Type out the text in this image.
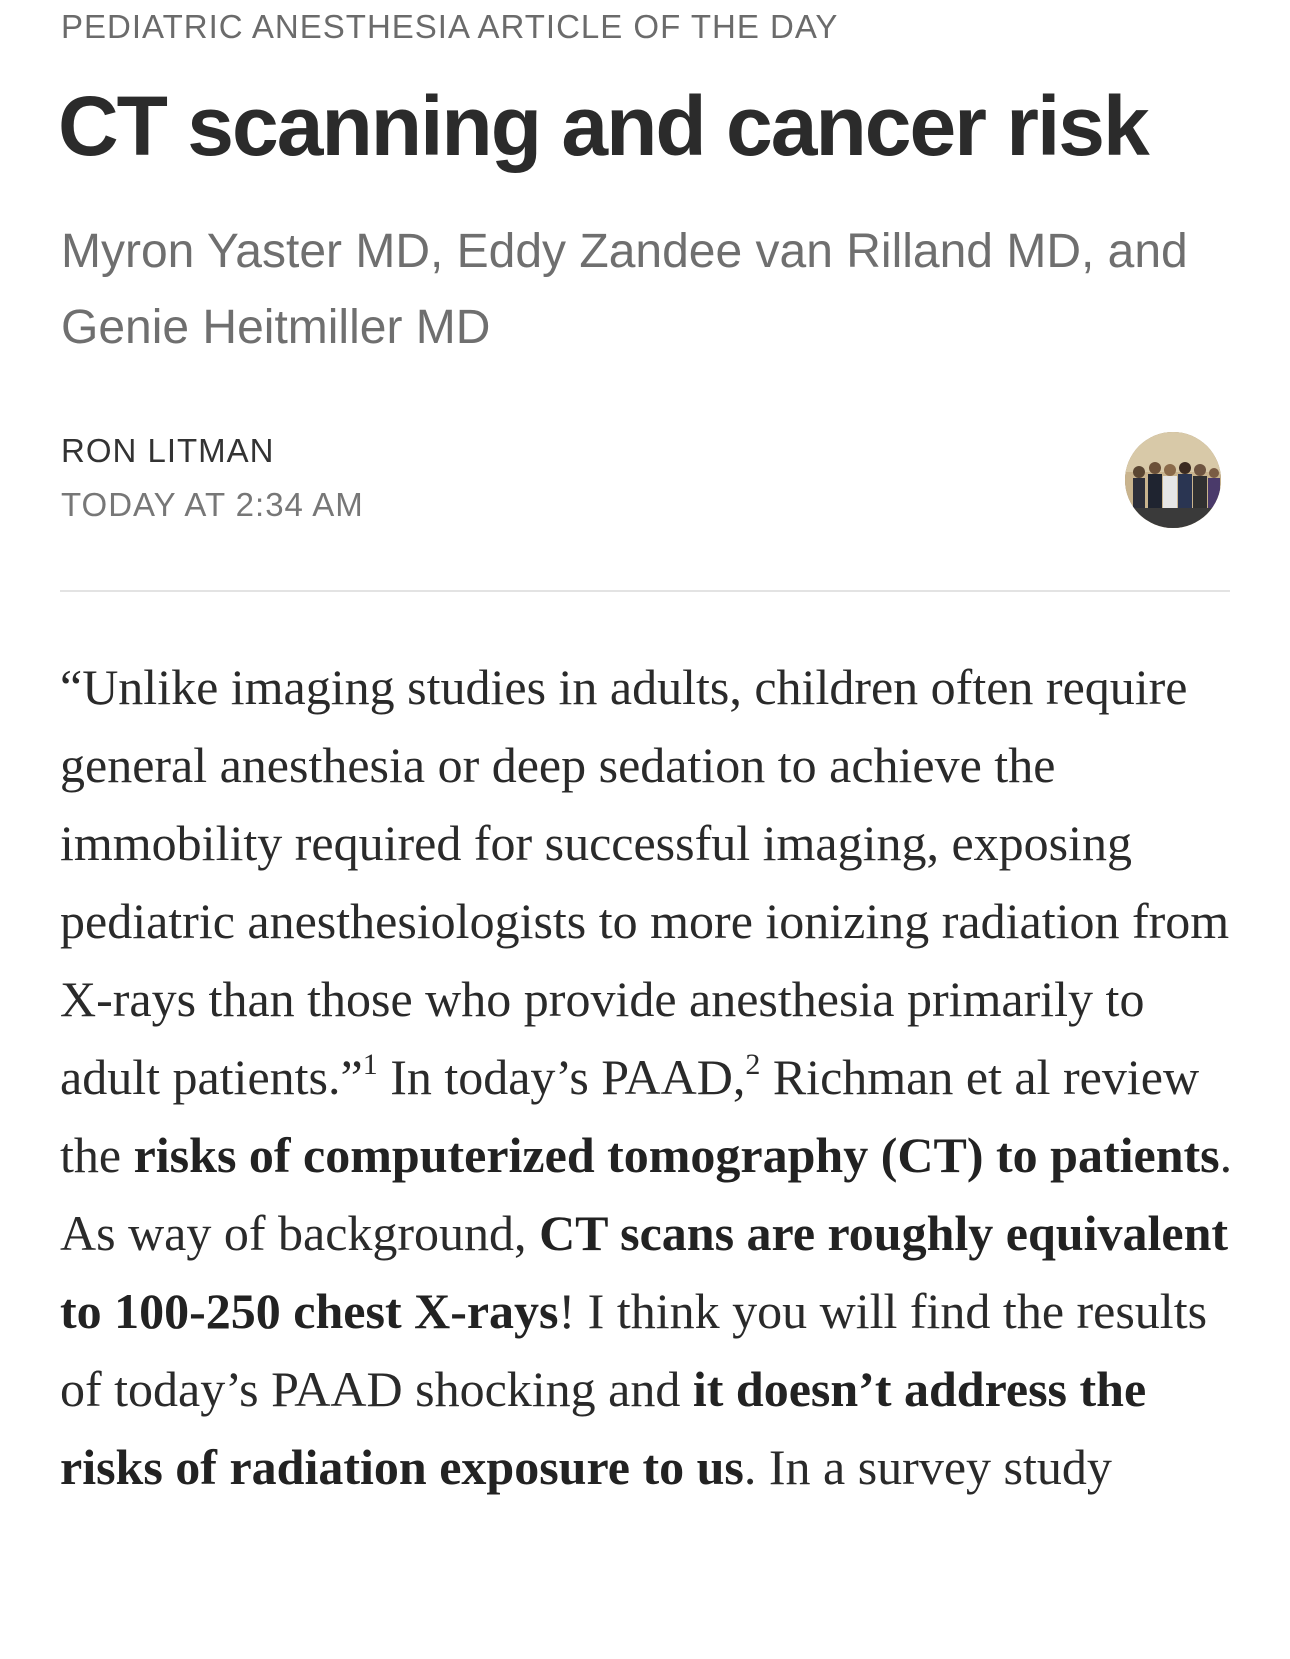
PEDIATRIC ANESTHESIA ARTICLE OF THE DAY
CT scanning and cancer risk
Myron Yaster MD, Eddy Zandee van Rilland MD, and Genie Heitmiller MD
RON LITMAN
TODAY AT 2:34 AM

“Unlike imaging studies in adults, children often require general anesthesia or deep sedation to achieve the immobility required for successful imaging, exposing pediatric anesthesiologists to more ionizing radiation from X-rays than those who provide anesthesia primarily to adult patients.”$^1$ In today’s PAAD,$^2$ Richman et al review the risks of computerized tomography (CT) to patients. As way of background, CT scans are roughly equivalent to 100-250 chest X-rays! I think you will find the results of today’s PAAD shocking and it doesn’t address the risks of radiation exposure to us. In a survey study
